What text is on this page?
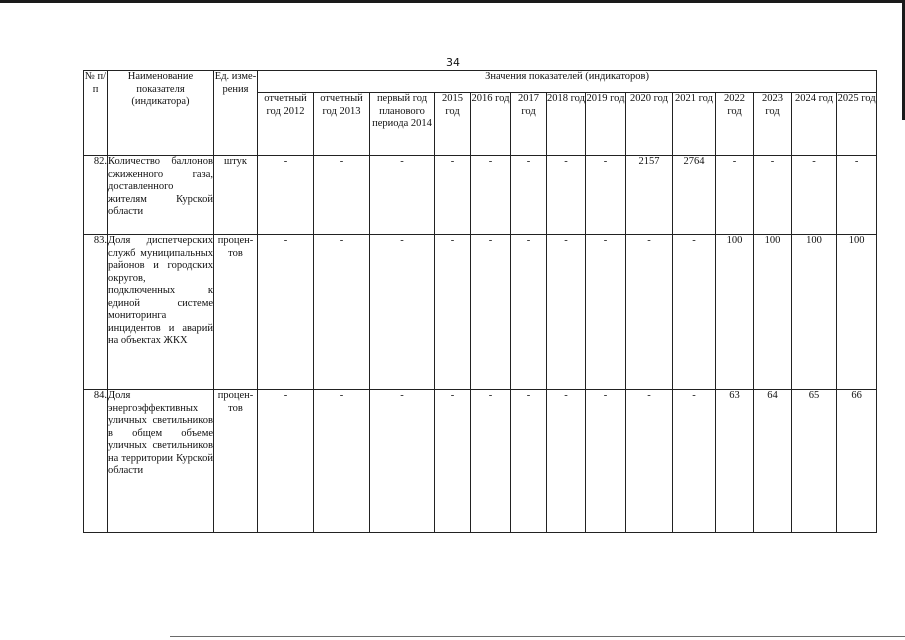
34
№ п/п	Наименование показателя (индикатора)	Ед. изме-рения	Значения показателей (индикаторов)													
			отчетный год 2012	отчетный год 2013	первый год планового периода 2014	2015 год	2016 год	2017 год	2018 год	2019 год	2020 год	2021 год	2022 год	2023 год	2024 год	2025 год
82.	Количество баллонов сжиженного газа, доставленного жителям Курской области	штук	-	-	-	-	-	-	-	-	2157	2764	-	-	-	-
83.	Доля диспетчерских служб муниципальных районов и городских округов, подключенных к единой системе мониторинга инцидентов и аварий на объектах ЖКХ	процен-тов	-	-	-	-	-	-	-	-	-	-	100	100	100	100
84.	Доля энергоэффективных уличных светильников в общем объеме уличных светильников на территории Курской области	процен-тов	-	-	-	-	-	-	-	-	-	-	63	64	65	66
